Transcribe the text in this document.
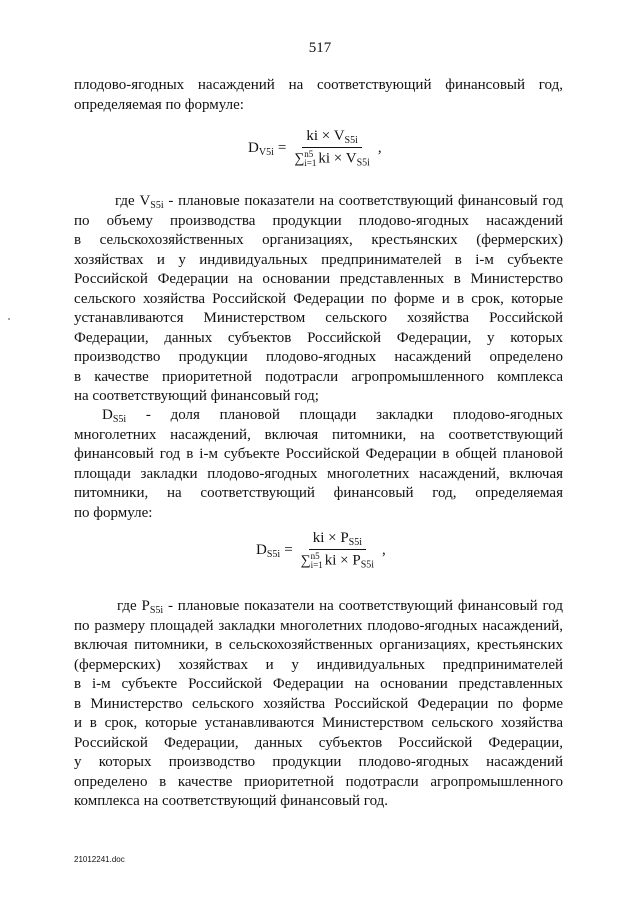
517
плодово-ягодных насаждений на соответствующий финансовый год,
определяемая по формуле:
$D_{V5i}$ = ki × $V_{S5i}$
∑ n5
i=1 ki × $V_{S5i}$ ,
где $V_{S5i}$ - плановые показатели на соответствующий финансовый год
по объему производства продукции плодово-ягодных насаждений
в сельскохозяйственных организациях, крестьянских (фермерских)
хозяйствах и у индивидуальных предпринимателей в i-м субъекте
Российской Федерации на основании представленных в Министерство
сельского хозяйства Российской Федерации по форме и в срок, которые
устанавливаются Министерством сельского хозяйства Российской
Федерации, данных субъектов Российской Федерации, у которых
производство продукции плодово-ягодных насаждений определено
в качестве приоритетной подотрасли агропромышленного комплекса
на соответствующий финансовый год;
$D_{S5i}$ - доля плановой площади закладки плодово-ягодных
многолетних насаждений, включая питомники, на соответствующий
финансовый год в i-м субъекте Российской Федерации в общей плановой
площади закладки плодово-ягодных многолетних насаждений, включая
питомники, на соответствующий финансовый год, определяемая
по формуле:
$D_{S5i}$ = ki × $P_{S5i}$
∑ n5
i=1 ki × $P_{S5i}$ ,
где $P_{S5i}$ - плановые показатели на соответствующий финансовый год
по размеру площадей закладки многолетних плодово-ягодных насаждений,
включая питомники, в сельскохозяйственных организациях, крестьянских
(фермерских) хозяйствах и у индивидуальных предпринимателей
в i-м субъекте Российской Федерации на основании представленных
в Министерство сельского хозяйства Российской Федерации по форме
и в срок, которые устанавливаются Министерством сельского хозяйства
Российской Федерации, данных субъектов Российской Федерации,
у которых производство продукции плодово-ягодных насаждений
определено в качестве приоритетной подотрасли агропромышленного
комплекса на соответствующий финансовый год.
21012241.doc
